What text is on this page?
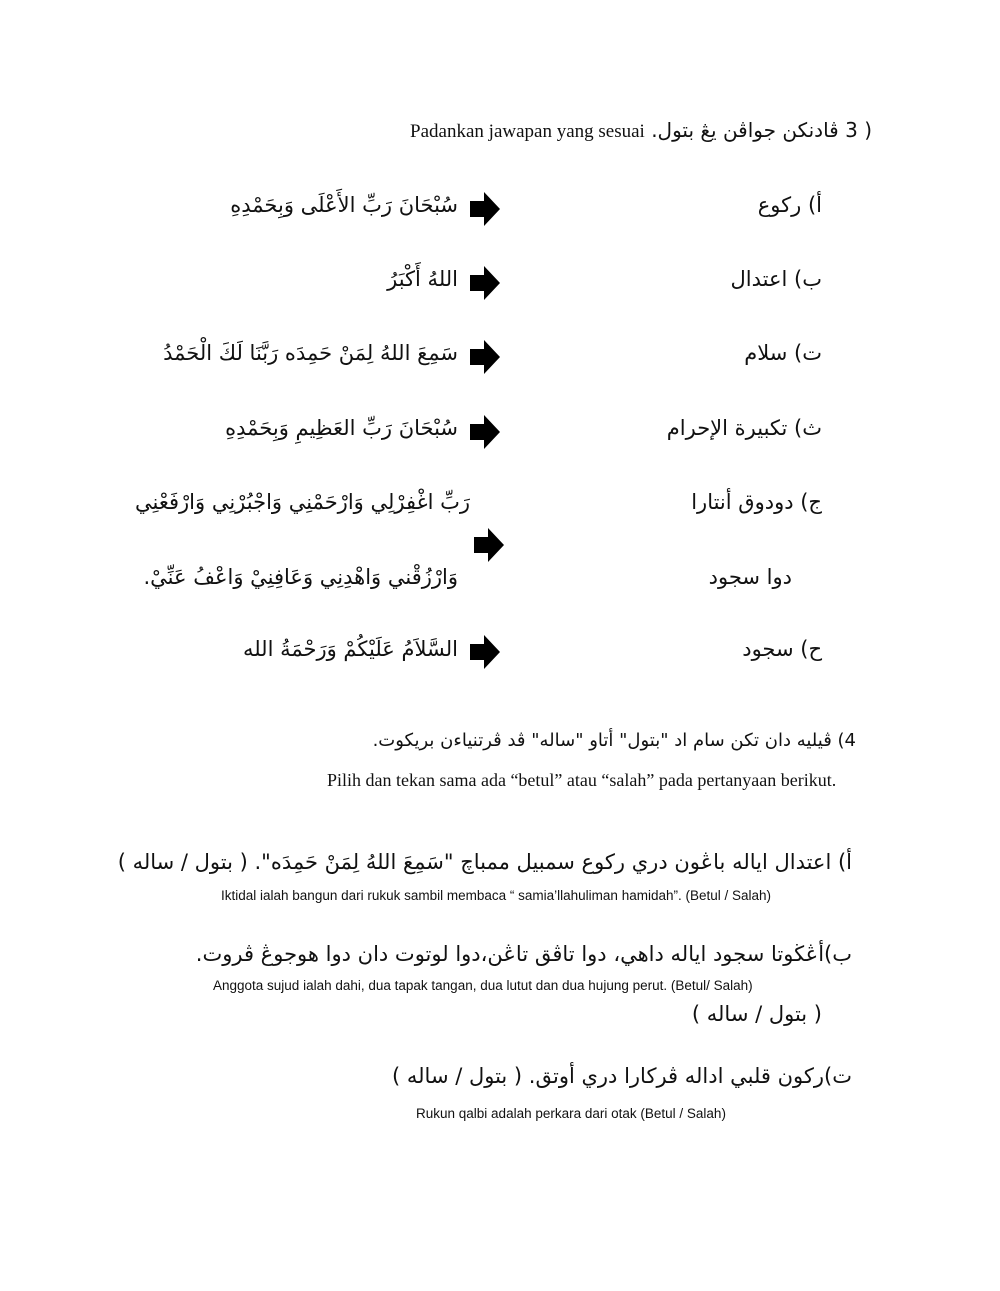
Padankan jawapan yang sesuai ڤادنكن جواڤن يڠ بتول. 3 )
أ) ركوع
سُبْحَانَ رَبِّ الأَعْلَى وَبِحَمْدِهِ
ب) اعتدال
اللهُ أَكْبَرُ
ت) سلام
سَمِعَ اللهُ لِمَنْ حَمِدَه رَبَّنَا لَكَ الْحَمْدُ
ث) تكبيرة الإحرام
سُبْحَانَ رَبِّ العَظِيمِ وَبِحَمْدِهِ
ج) دودوق أنتارا
رَبِّ اغْفِرْلِي وَارْحَمْنِي وَاجْبُرْنِي وَارْفَعْنِي
دوا سجود
وَارْزُقْني وَاهْدِنِي وَعَافِنِيْ وَاعْفُ عَنِّيْ.
ح) سجود
السَّلاَمُ عَلَيْكُمْ وَرَحْمَةُ الله
4) ڤيليه دان تكن سام اد "بتول" أتاو "ساله" ڤد ڤرتنياءن بريكوت.
Pilih dan tekan sama ada “betul” atau “salah” pada pertanyaan berikut.
أ) اعتدال اياله باڠون دري ركوع سمبيل ممباچ "سَمِعَ اللهُ لِمَنْ حَمِدَه". ( بتول / ساله )
Iktidal ialah bangun dari rukuk sambil membaca “ samia’llahuliman hamidah”. (Betul / Salah)
ب)أڠڬوتا سجود اياله داهي، دوا تاڤق تاڠن،دوا لوتوت دان دوا هوجوڠ ڤروت.
Anggota sujud ialah dahi, dua tapak tangan, dua lutut dan dua hujung perut. (Betul/ Salah)
( بتول / ساله )
ت)ركون قلبي اداله ڤركارا دري أوتق. ( بتول / ساله )
Rukun qalbi adalah perkara dari otak (Betul / Salah)
